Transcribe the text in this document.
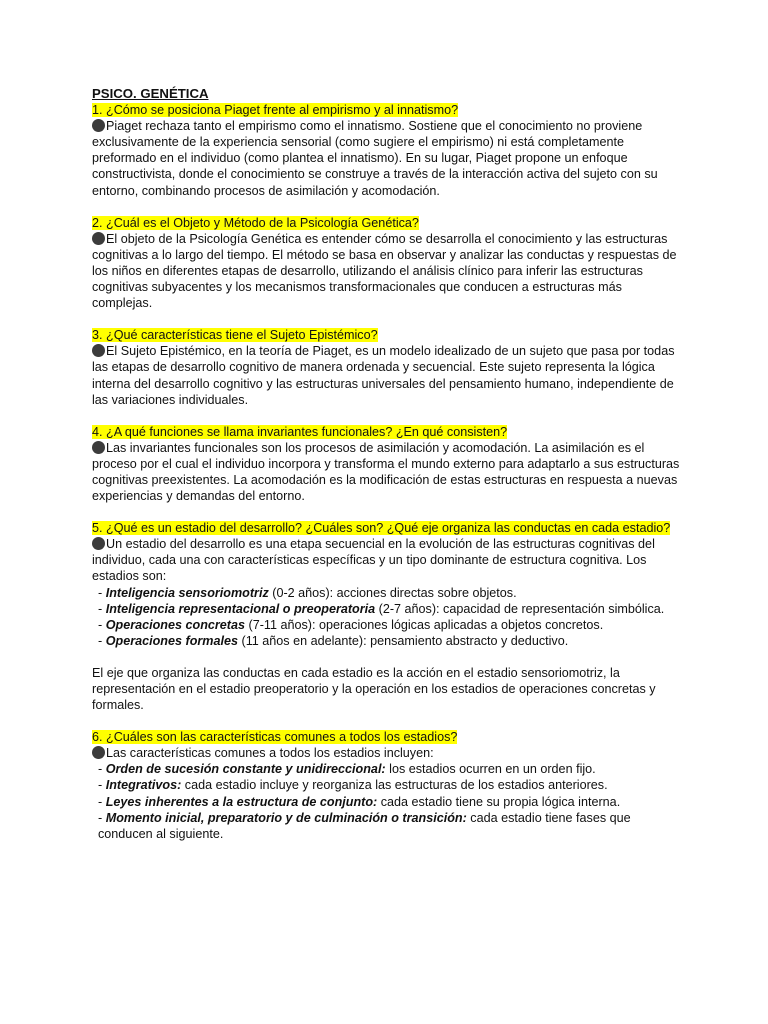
PSICO. GENÉTICA

1. ¿Cómo se posiciona Piaget frente al empirismo y al innatismo?

Piaget rechaza tanto el empirismo como el innatismo. Sostiene que el conocimiento no proviene exclusivamente de la experiencia sensorial (como sugiere el empirismo) ni está completamente preformado en el individuo (como plantea el innatismo). En su lugar, Piaget propone un enfoque constructivista, donde el conocimiento se construye a través de la interacción activa del sujeto con su entorno, combinando procesos de asimilación y acomodación.

2. ¿Cuál es el Objeto y Método de la Psicología Genética?

El objeto de la Psicología Genética es entender cómo se desarrolla el conocimiento y las estructuras cognitivas a lo largo del tiempo. El método se basa en observar y analizar las conductas y respuestas de los niños en diferentes etapas de desarrollo, utilizando el análisis clínico para inferir las estructuras cognitivas subyacentes y los mecanismos transformacionales que conducen a estructuras más complejas.

3. ¿Qué características tiene el Sujeto Epistémico?

El Sujeto Epistémico, en la teoría de Piaget, es un modelo idealizado de un sujeto que pasa por todas las etapas de desarrollo cognitivo de manera ordenada y secuencial. Este sujeto representa la lógica interna del desarrollo cognitivo y las estructuras universales del pensamiento humano, independiente de las variaciones individuales.

4. ¿A qué funciones se llama invariantes funcionales? ¿En qué consisten?

Las invariantes funcionales son los procesos de asimilación y acomodación. La asimilación es el proceso por el cual el individuo incorpora y transforma el mundo externo para adaptarlo a sus estructuras cognitivas preexistentes. La acomodación es la modificación de estas estructuras en respuesta a nuevas experiencias y demandas del entorno.

5. ¿Qué es un estadio del desarrollo? ¿Cuáles son? ¿Qué eje organiza las conductas en cada estadio?

Un estadio del desarrollo es una etapa secuencial en la evolución de las estructuras cognitivas del individuo, cada una con características específicas y un tipo dominante de estructura cognitiva. Los estadios son:

- Inteligencia sensoriomotriz (0-2 años): acciones directas sobre objetos.

- Inteligencia representacional o preoperatoria (2-7 años): capacidad de representación simbólica.

- Operaciones concretas (7-11 años): operaciones lógicas aplicadas a objetos concretos.

- Operaciones formales (11 años en adelante): pensamiento abstracto y deductivo.

El eje que organiza las conductas en cada estadio es la acción en el estadio sensoriomotriz, la representación en el estadio preoperatorio y la operación en los estadios de operaciones concretas y formales.

6. ¿Cuáles son las características comunes a todos los estadios?

Las características comunes a todos los estadios incluyen:

- Orden de sucesión constante y unidireccional: los estadios ocurren en un orden fijo.

- Integrativos: cada estadio incluye y reorganiza las estructuras de los estadios anteriores.

- Leyes inherentes a la estructura de conjunto: cada estadio tiene su propia lógica interna.

- Momento inicial, preparatorio y de culminación o transición: cada estadio tiene fases que conducen al siguiente.
